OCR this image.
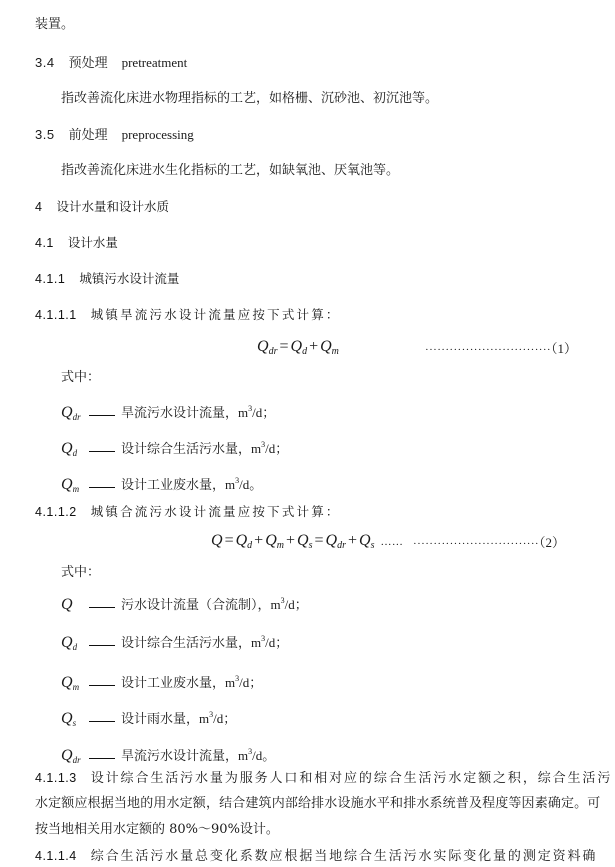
装置。
3.4 预处理 pretreatment
指改善流化床进水物理指标的工艺，如格栅、沉砂池、初沉池等。
3.5 前处理 preprocessing
指改善流化床进水生化指标的工艺，如缺氧池、厌氧池等。
4 设计水量和设计水质
4.1 设计水量
4.1.1 城镇污水设计流量
4.1.1.1 城镇旱流污水设计流量应按下式计算：
$Q_{dr} = Q_d + Q_m$	·······························（1）
式中：
$Q_{dr}$	旱流污水设计流量，$m^3/d$；
$Q_d$	设计综合生活污水量，$m^3/d$；
$Q_m$	设计工业废水量，$m^3/d$。
4.1.1.2 城镇合流污水设计流量应按下式计算：
$Q = Q_d + Q_m + Q_s = Q_{dr} + Q_s$ …… ·······························（2）
式中：
Q	污水设计流量（合流制），$m^3/d$；
$Q_d$	设计综合生活污水量，$m^3/d$；
$Q_m$	设计工业废水量，$m^3/d$；
$Q_s$	设计雨水量，$m^3/d$；
$Q_{dr}$	旱流污水设计流量，$m^3/d$。
4.1.1.3 设计综合生活污水量为服务人口和相对应的综合生活污水定额之积，综合生活污
水定额应根据当地的用水定额，结合建筑内部给排水设施水平和排水系统普及程度等因素确定。可
按当地相关用水定额的 80%～90%设计。
4.1.1.4 综合生活污水量总变化系数应根据当地综合生活污水实际变化量的测定资料确
